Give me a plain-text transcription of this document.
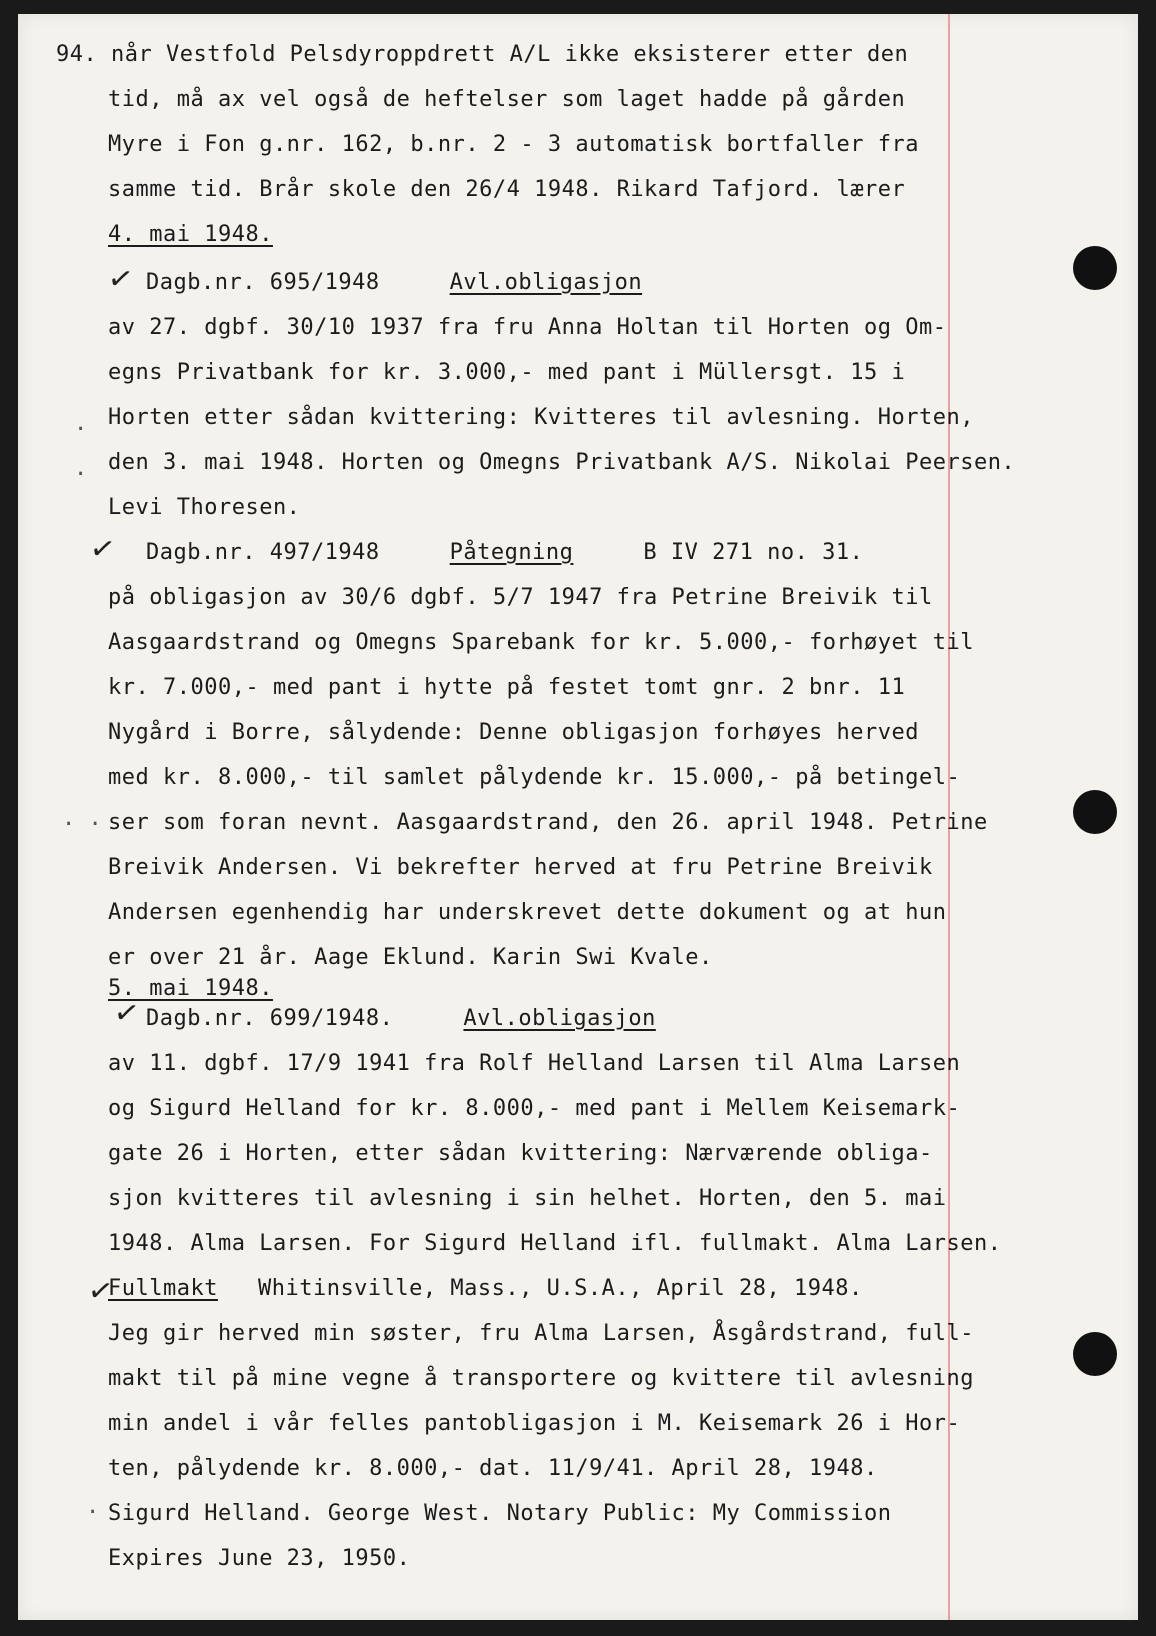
✓
✓
✓
✓
.
.
. .
.
94. når Vestfold Pelsdyroppdrett A/L ikke eksisterer etter den
tid, må ax vel også de heftelser som laget hadde på gården
Myre i Fon g.nr. 162, b.nr. 2 - 3 automatisk bortfaller fra
samme tid. Brår skole den 26/4 1948. Rikard Tafjord. lærer
4. mai 1948.
Dagb.nr. 695/1948	Avl.obligasjon
av 27. dgbf. 30/10 1937 fra fru Anna Holtan til Horten og Om-
egns Privatbank for kr. 3.000,- med pant i Müllersgt. 15 i
Horten etter sådan kvittering: Kvitteres til avlesning. Horten,
den 3. mai 1948. Horten og Omegns Privatbank A/S. Nikolai Peersen.
Levi Thoresen.
Dagb.nr. 497/1948	Påtegning	B IV 271 no. 31.
på obligasjon av 30/6 dgbf. 5/7 1947 fra Petrine Breivik til
Aasgaardstrand og Omegns Sparebank for kr. 5.000,- forhøyet til
kr. 7.000,- med pant i hytte på festet tomt gnr. 2 bnr. 11
Nygård i Borre, sålydende: Denne obligasjon forhøyes herved
med kr. 8.000,- til samlet pålydende kr. 15.000,- på betingel-
ser som foran nevnt. Aasgaardstrand, den 26. april 1948. Petrine
Breivik Andersen. Vi bekrefter herved at fru Petrine Breivik
Andersen egenhendig har underskrevet dette dokument og at hun
er over 21 år. Aage Eklund. Karin Swi Kvale.
5. mai 1948.
Dagb.nr. 699/1948.	Avl.obligasjon
av 11. dgbf. 17/9 1941 fra Rolf Helland Larsen til Alma Larsen
og Sigurd Helland for kr. 8.000,- med pant i Mellem Keisemark-
gate 26 i Horten, etter sådan kvittering: Nærværende obliga-
sjon kvitteres til avlesning i sin helhet. Horten, den 5. mai
1948. Alma Larsen. For Sigurd Helland ifl. fullmakt. Alma Larsen.
Fullmakt Whitinsville, Mass., U.S.A., April 28, 1948.
Jeg gir herved min søster, fru Alma Larsen, Åsgårdstrand, full-
makt til på mine vegne å transportere og kvittere til avlesning
min andel i vår felles pantobligasjon i M. Keisemark 26 i Hor-
ten, pålydende kr. 8.000,- dat. 11/9/41. April 28, 1948.
Sigurd Helland. George West. Notary Public: My Commission
Expires June 23, 1950.
